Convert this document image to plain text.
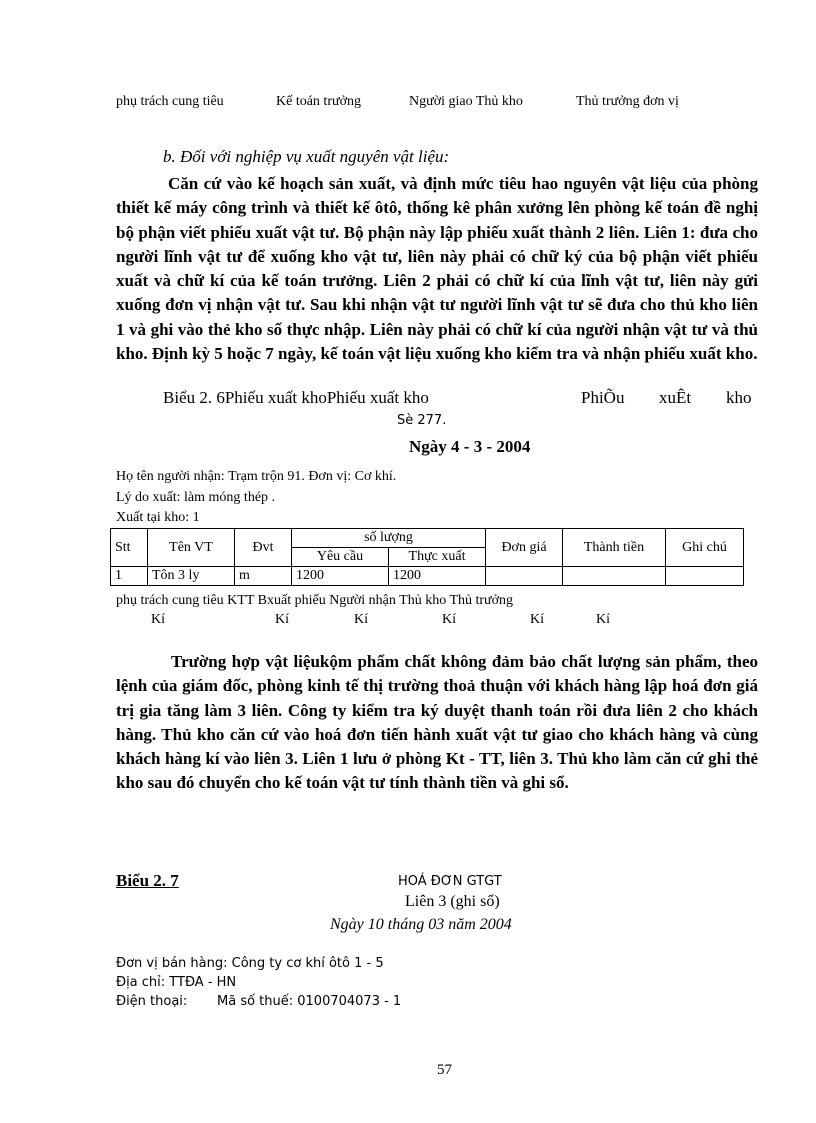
phụ trách cung tiêu	Kế toán trưởng	Người giao Thủ kho	Thủ trưởng đơn vị
b. Đối với nghiệp vụ xuất nguyên vật liệu:

Căn cứ vào kế hoạch sản xuất, và định mức tiêu hao nguyên vật liệu của phòng thiết kế máy công trình và thiết kế ôtô, thống kê phân xưởng lên phòng kế toán đề nghị bộ phận viết phiếu xuất vật tư. Bộ phận này lập phiếu xuất thành 2 liên. Liên 1: đưa cho người lĩnh vật tư để xuống kho vật tư, liên này phải có chữ ký của bộ phận viết phiếu xuất và chữ kí của kế toán trưởng. Liên 2 phải có chữ kí của lĩnh vật tư, liên này gửi xuống đơn vị nhận vật tư. Sau khi nhận vật tư người lĩnh vật tư sẽ đưa cho thủ kho liên 1 và ghi vào thẻ kho số thực nhập. Liên này phải có chữ kí của người nhận vật tư và thủ kho. Định kỳ 5 hoặc 7 ngày, kế toán vật liệu xuống kho kiểm tra và nhận phiếu xuất kho.

Biểu 2. 6Phiếu xuất khoPhiếu xuất kho	PhiÕu xuÊt kho
Sè 277.
Ngày 4 - 3 - 2004
Họ tên người nhận: Trạm trộn 91. Đơn vị: Cơ khí.
Lý do xuất: làm móng thép .
Xuất tại kho: 1
Stt	Tên VT	Đvt	số lượng		Đơn giá	Thành tiền	Ghi chú
			Yêu cầu	Thực xuất			
1	Tôn 3 ly	m	1200	1200			
phụ trách cung tiêu KTT Bxuất phiếu Người nhận Thủ kho Thủ trưởng
Kí	Kí	Kí	Kí	Kí	Kí

Trường hợp vật liệukộm phẩm chất không đảm bảo chất lượng sản phẩm, theo lệnh của giám đốc, phòng kinh tế thị trường thoả thuận với khách hàng lập hoá đơn giá trị gia tăng làm 3 liên. Công ty kiểm tra ký duyệt thanh toán rồi đưa liên 2 cho khách hàng. Thủ kho căn cứ vào hoá đơn tiến hành xuất vật tư giao cho khách hàng và cùng khách hàng kí vào liên 3. Liên 1 lưu ở phòng Kt - TT, liên 3. Thủ kho làm căn cứ ghi thẻ kho sau đó chuyển cho kế toán vật tư tính thành tiền và ghi sổ.

Biểu 2. 7	HOÁ ĐƠN GTGT
Liên 3 (ghi sổ)
Ngày 10 tháng 03 năm 2004
Đơn vị bán hàng: Công ty cơ khí ôtô 1 - 5
Địa chỉ: TTĐA - HN
Điện thoại: Mã số thuế: 0100704073 - 1
57
